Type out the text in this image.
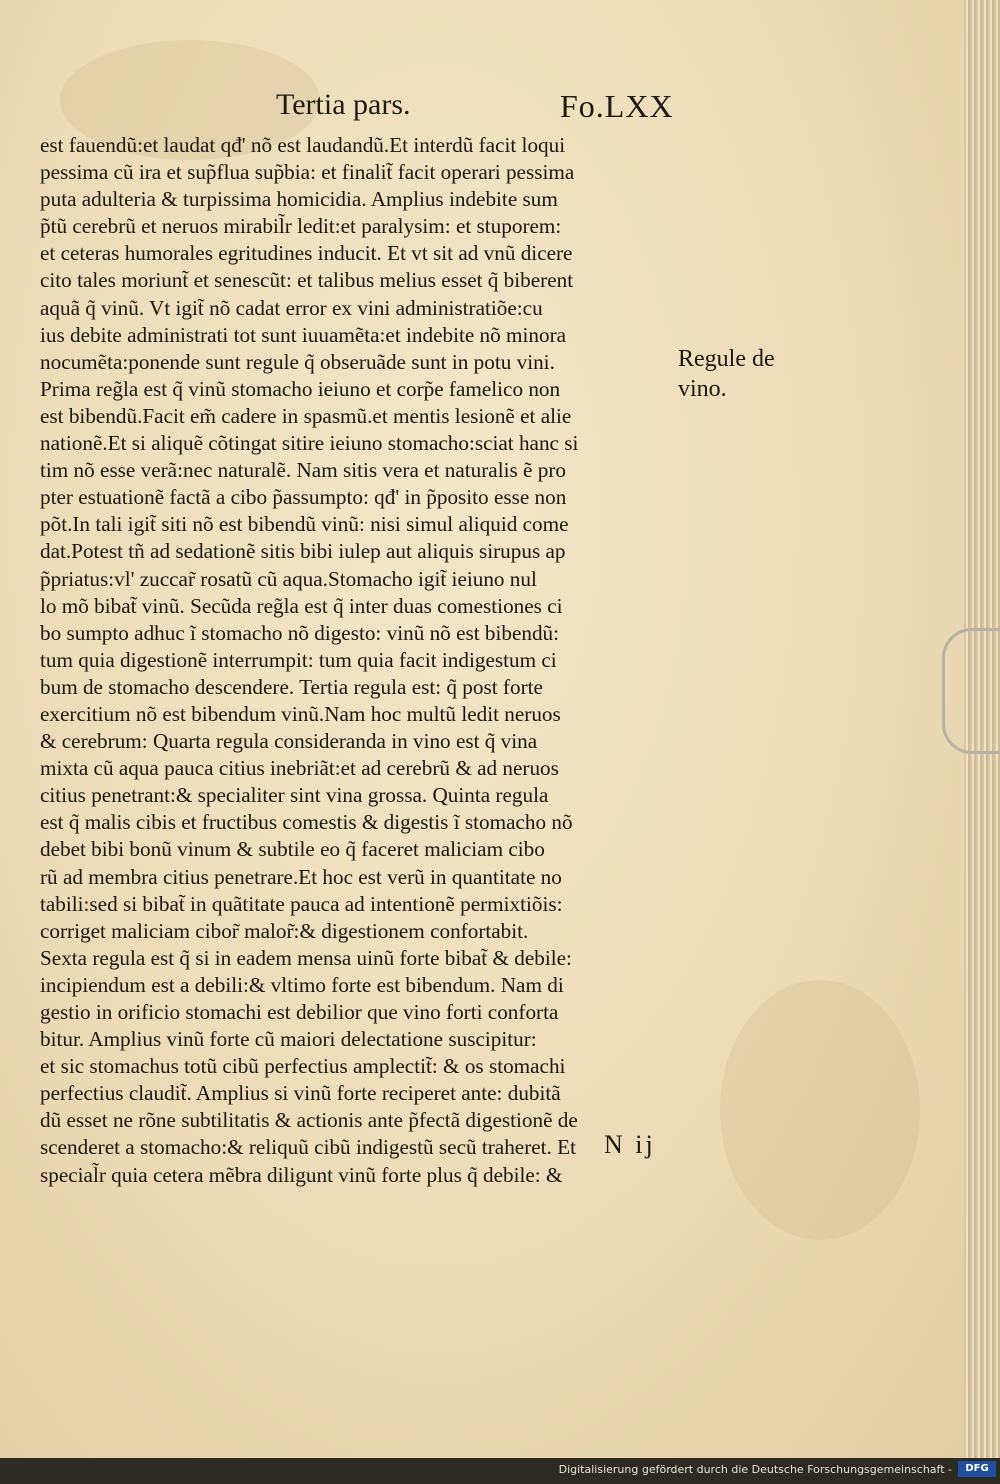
Tertia pars.	Fo.LXX
est fauendũ:et laudat qđ' nõ est laudandũ.Et interdũ facit loqui
pessima cũ ira et sup̃flua sup̃bia: et finalit̃ facit operari pessima
puta adulteria & turpissima homicidia. Amplius indebite sum
p̃tũ cerebrũ et neruos mirabil̃r ledit:et paralysim: et stuporem:
et ceteras humorales egritudines inducit. Et vt sit ad vnũ dicere
cito tales moriunt̃ et senescũt: et talibus melius esset q̃ biberent
aquã q̃ vinũ. Vt igit̃ nõ cadat error ex vini administratiõe:cu
ius debite administrati tot sunt iuuamẽta:et indebite nõ minora
nocumẽta:ponende sunt regule q̃ obseruãde sunt in potu vini.
Prima reg̃la est q̃ vinũ stomacho ieiuno et corp̃e famelico non
est bibendũ.Facit em̃ cadere in spasmũ.et mentis lesionẽ et alie
nationẽ.Et si aliquẽ cõtingat sitire ieiuno stomacho:sciat hanc si
tim nõ esse verã:nec naturalẽ. Nam sitis vera et naturalis ẽ pro
pter estuationẽ factã a cibo p̃assumpto: qđ' in p̃posito esse non
põt.In tali igit̃ siti nõ est bibendũ vinũ: nisi simul aliquid come
dat.Potest tñ ad sedationẽ sitis bibi iulep aut aliquis sirupus ap
p̃priatus:vl' zuccar̃ rosatũ cũ aqua.Stomacho igit̃ ieiuno nul
lo mõ bibat̃ vinũ. Secũda reg̃la est q̃ inter duas comestiones ci
bo sumpto adhuc ĩ stomacho nõ digesto: vinũ nõ est bibendũ:
tum quia digestionẽ interrumpit: tum quia facit indigestum ci
bum de stomacho descendere. Tertia regula est: q̃ post forte
exercitium nõ est bibendum vinũ.Nam hoc multũ ledit neruos
& cerebrum: Quarta regula consideranda in vino est q̃ vina
mixta cũ aqua pauca citius inebriãt:et ad cerebrũ & ad neruos
citius penetrant:& specialiter sint vina grossa. Quinta regula
est q̃ malis cibis et fructibus comestis & digestis ĩ stomacho nõ
debet bibi bonũ vinum & subtile eo q̃ faceret maliciam cibo
rũ ad membra citius penetrare.Et hoc est verũ in quantitate no
tabili:sed si bibat̃ in quãtitate pauca ad intentionẽ permixtiõis:
corriget maliciam cibor̃ malor̃:& digestionem confortabit.
Sexta regula est q̃ si in eadem mensa uinũ forte bibat̃ & debile:
incipiendum est a debili:& vltimo forte est bibendum. Nam di
gestio in orificio stomachi est debilior que vino forti conforta
bitur. Amplius vinũ forte cũ maiori delectatione suscipitur:
et sic stomachus totũ cibũ perfectius amplectit̃: & os stomachi
perfectius claudit̃. Amplius si vinũ forte reciperet ante: dubitã
dũ esset ne rõne subtilitatis & actionis ante p̃fectã digestionẽ de
scenderet a stomacho:& reliquũ cibũ indigestũ secũ traheret. Et
special̃r quia cetera mẽbra diligunt vinũ forte plus q̃ debile: &
Regule de
vino.
N ij
Digitalisierung gefördert durch die Deutsche Forschungsgemeinschaft -	DFG
